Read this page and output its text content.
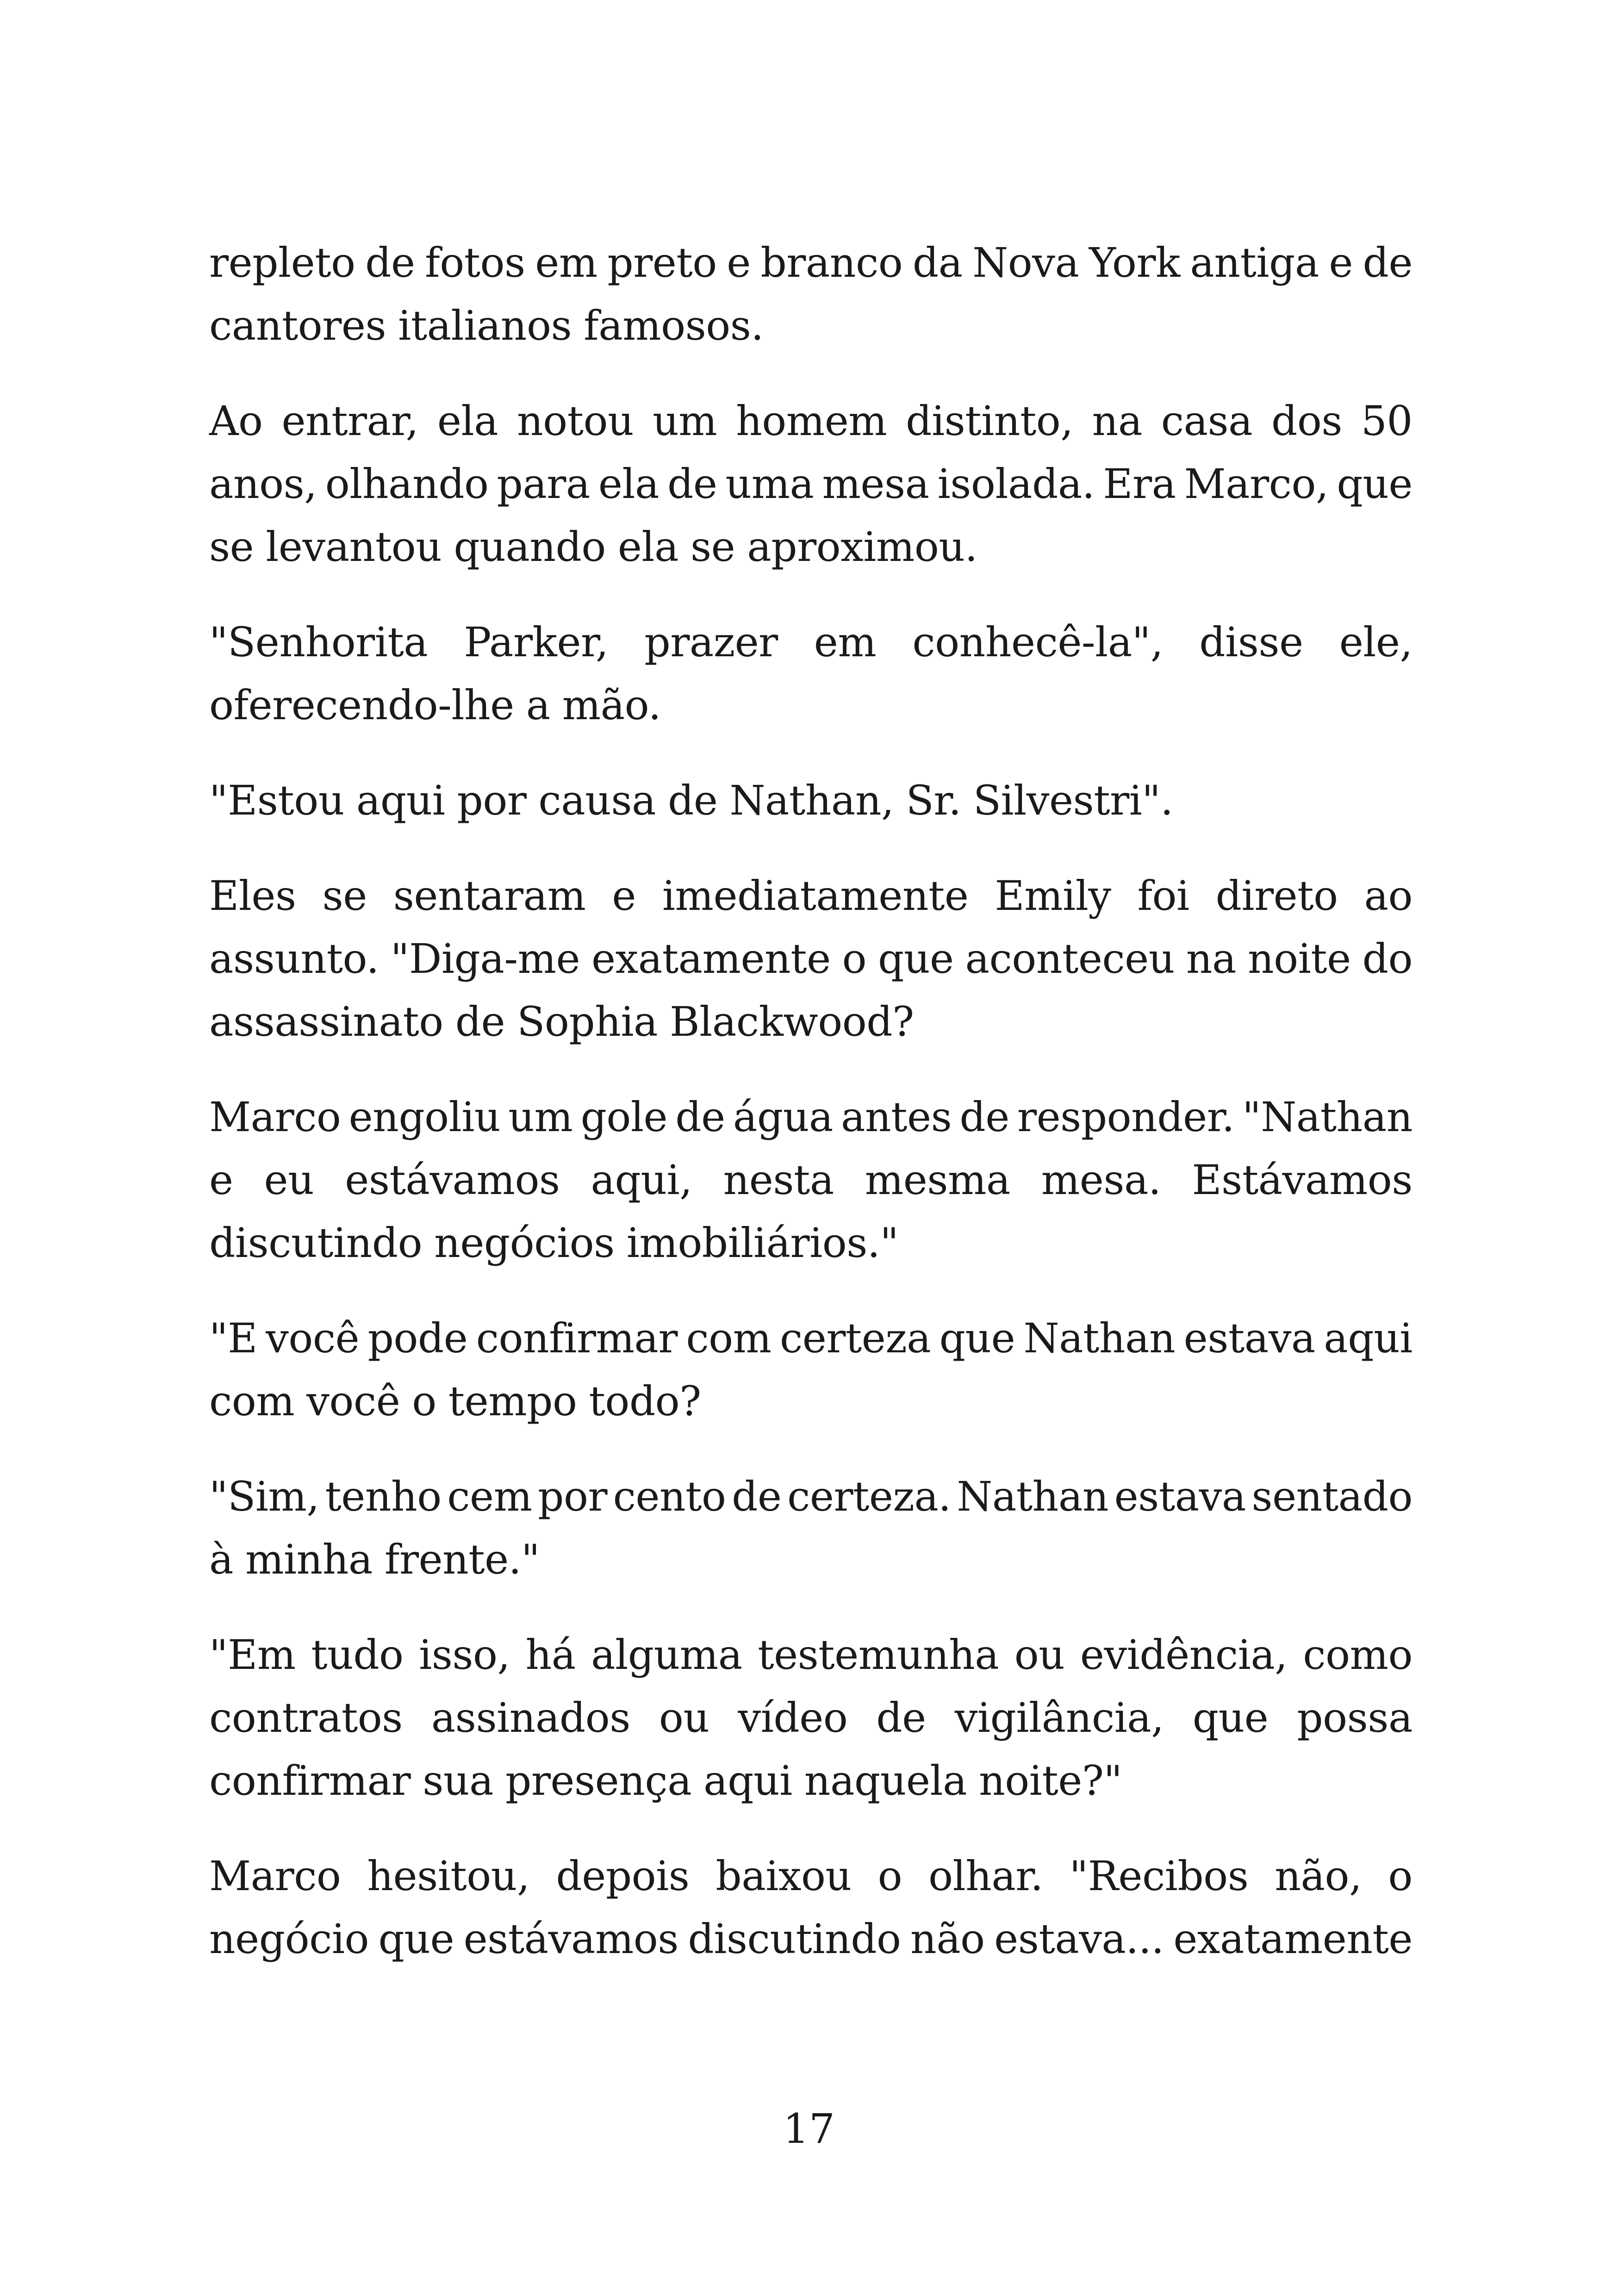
repleto de fotos em preto e branco da Nova York antiga e de
cantores italianos famosos.
Ao entrar, ela notou um homem distinto, na casa dos 50
anos, olhando para ela de uma mesa isolada. Era Marco, que
se levantou quando ela se aproximou.
"Senhorita Parker, prazer em conhecê-la", disse ele,
oferecendo-lhe a mão.
"Estou aqui por causa de Nathan, Sr. Silvestri".
Eles se sentaram e imediatamente Emily foi direto ao
assunto. "Diga-me exatamente o que aconteceu na noite do
assassinato de Sophia Blackwood?
Marco engoliu um gole de água antes de responder. "Nathan
e eu estávamos aqui, nesta mesma mesa. Estávamos
discutindo negócios imobiliários."
"E você pode confirmar com certeza que Nathan estava aqui
com você o tempo todo?
"Sim, tenho cem por cento de certeza. Nathan estava sentado
à minha frente."
"Em tudo isso, há alguma testemunha ou evidência, como
contratos assinados ou vídeo de vigilância, que possa
confirmar sua presença aqui naquela noite?"
Marco hesitou, depois baixou o olhar. "Recibos não, o
negócio que estávamos discutindo não estava... exatamente
17
